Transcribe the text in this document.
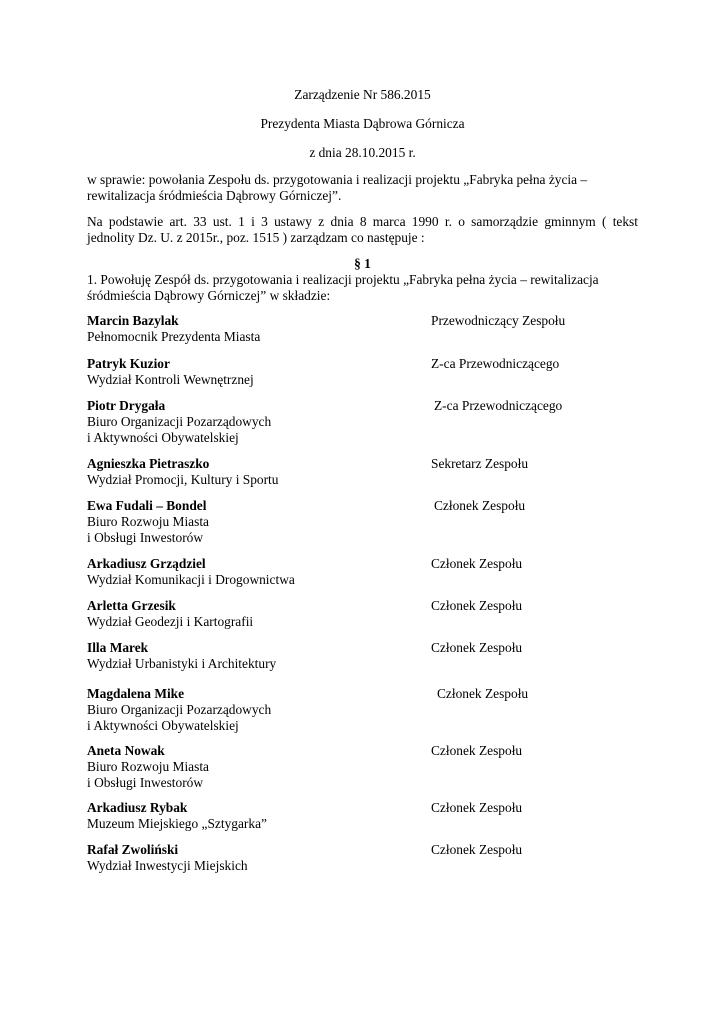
Zarządzenie Nr 586.2015
Prezydenta Miasta Dąbrowa Górnicza
z dnia 28.10.2015 r.
w sprawie: powołania Zespołu ds. przygotowania i realizacji projektu „Fabryka pełna życia –
rewitalizacja śródmieścia Dąbrowy Górniczej”.
Na podstawie art. 33 ust. 1 i 3 ustawy z dnia 8 marca 1990 r. o samorządzie gminnym ( tekst
jednolity Dz. U. z 2015r., poz. 1515 ) zarządzam co następuje :
§ 1
1. Powołuję Zespół ds. przygotowania i realizacji projektu „Fabryka pełna życia – rewitalizacja
śródmieścia Dąbrowy Górniczej” w składzie:
Marcin Bazylak
Pełnomocnik Prezydenta Miasta
Przewodniczący Zespołu
Patryk Kuzior
Wydział Kontroli Wewnętrznej
Z-ca Przewodniczącego
Piotr Drygała
Biuro Organizacji Pozarządowych
i Aktywności Obywatelskiej
Z-ca Przewodniczącego
Agnieszka Pietraszko
Wydział Promocji, Kultury i Sportu
Sekretarz Zespołu
Ewa Fudali – Bondel
Biuro Rozwoju Miasta
i Obsługi Inwestorów
Członek Zespołu
Arkadiusz Grządziel
Wydział Komunikacji i Drogownictwa
Członek Zespołu
Arletta Grzesik
Wydział Geodezji i Kartografii
Członek Zespołu
Illa Marek
Wydział Urbanistyki i Architektury
Członek Zespołu
Magdalena Mike
Biuro Organizacji Pozarządowych
i Aktywności Obywatelskiej
Członek Zespołu
Aneta Nowak
Biuro Rozwoju Miasta
i Obsługi Inwestorów
Członek Zespołu
Arkadiusz Rybak
Muzeum Miejskiego „Sztygarka”
Członek Zespołu
Rafał Zwoliński
Wydział Inwestycji Miejskich
Członek Zespołu
